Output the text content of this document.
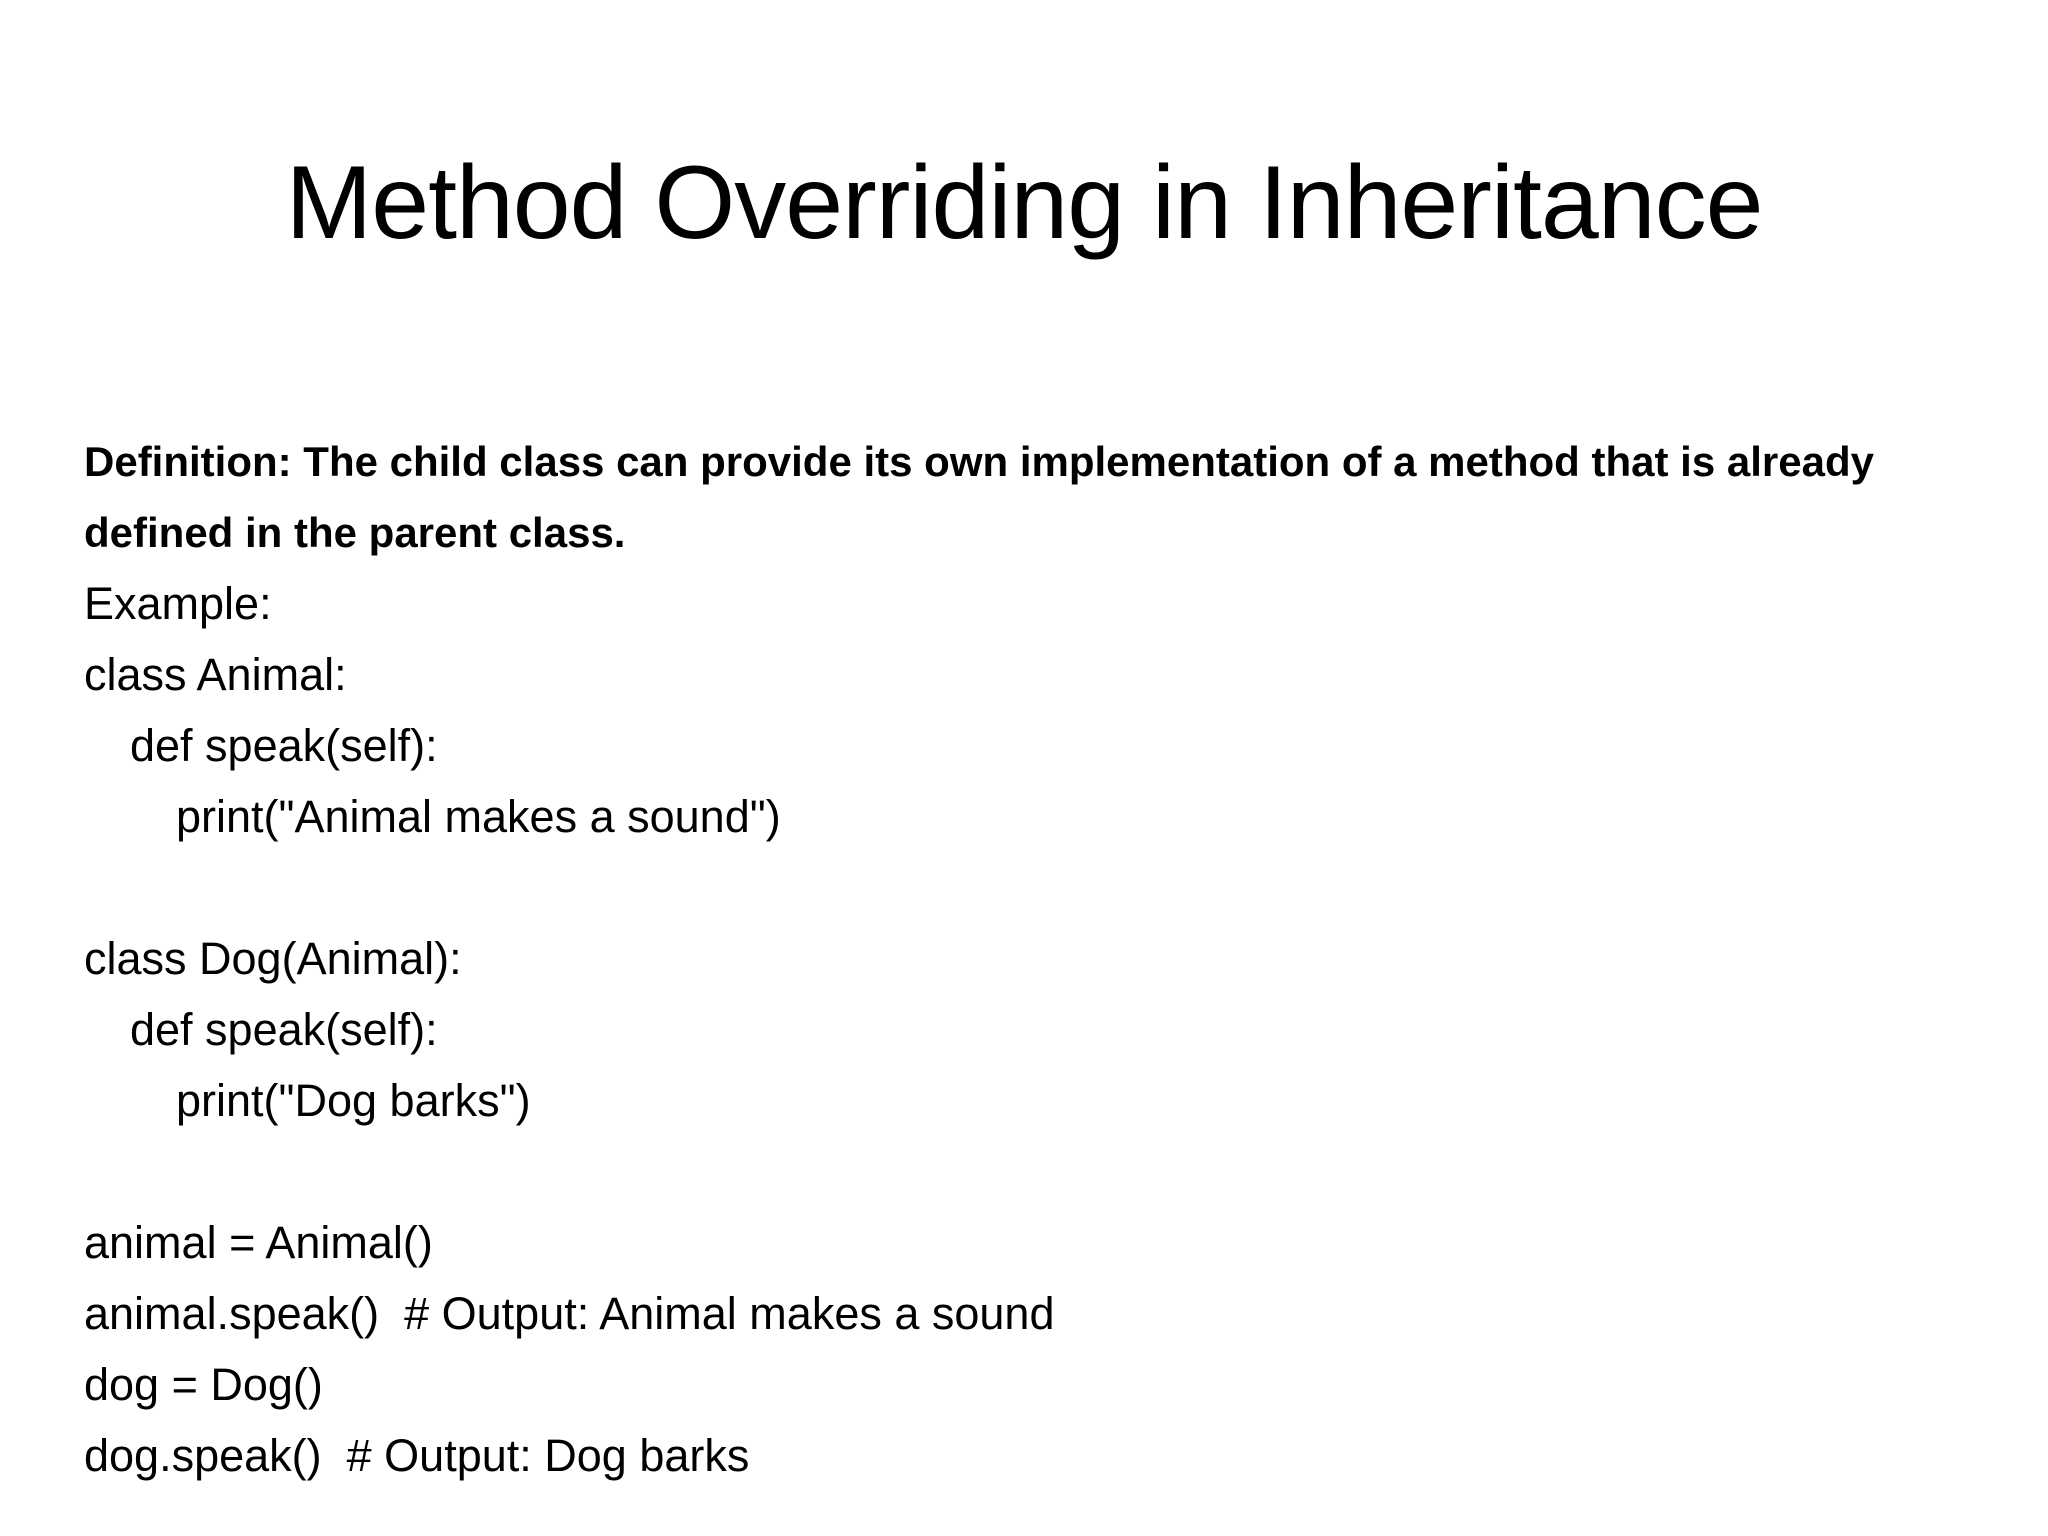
Method Overriding in Inheritance
Definition: The child class can provide its own implementation of a method that is already defined in the parent class.
Example:
class Animal:
def speak(self):
print("Animal makes a sound")
class Dog(Animal):
def speak(self):
print("Dog barks")
animal = Animal()
animal.speak()  # Output: Animal makes a sound
dog = Dog()
dog.speak()  # Output: Dog barks
